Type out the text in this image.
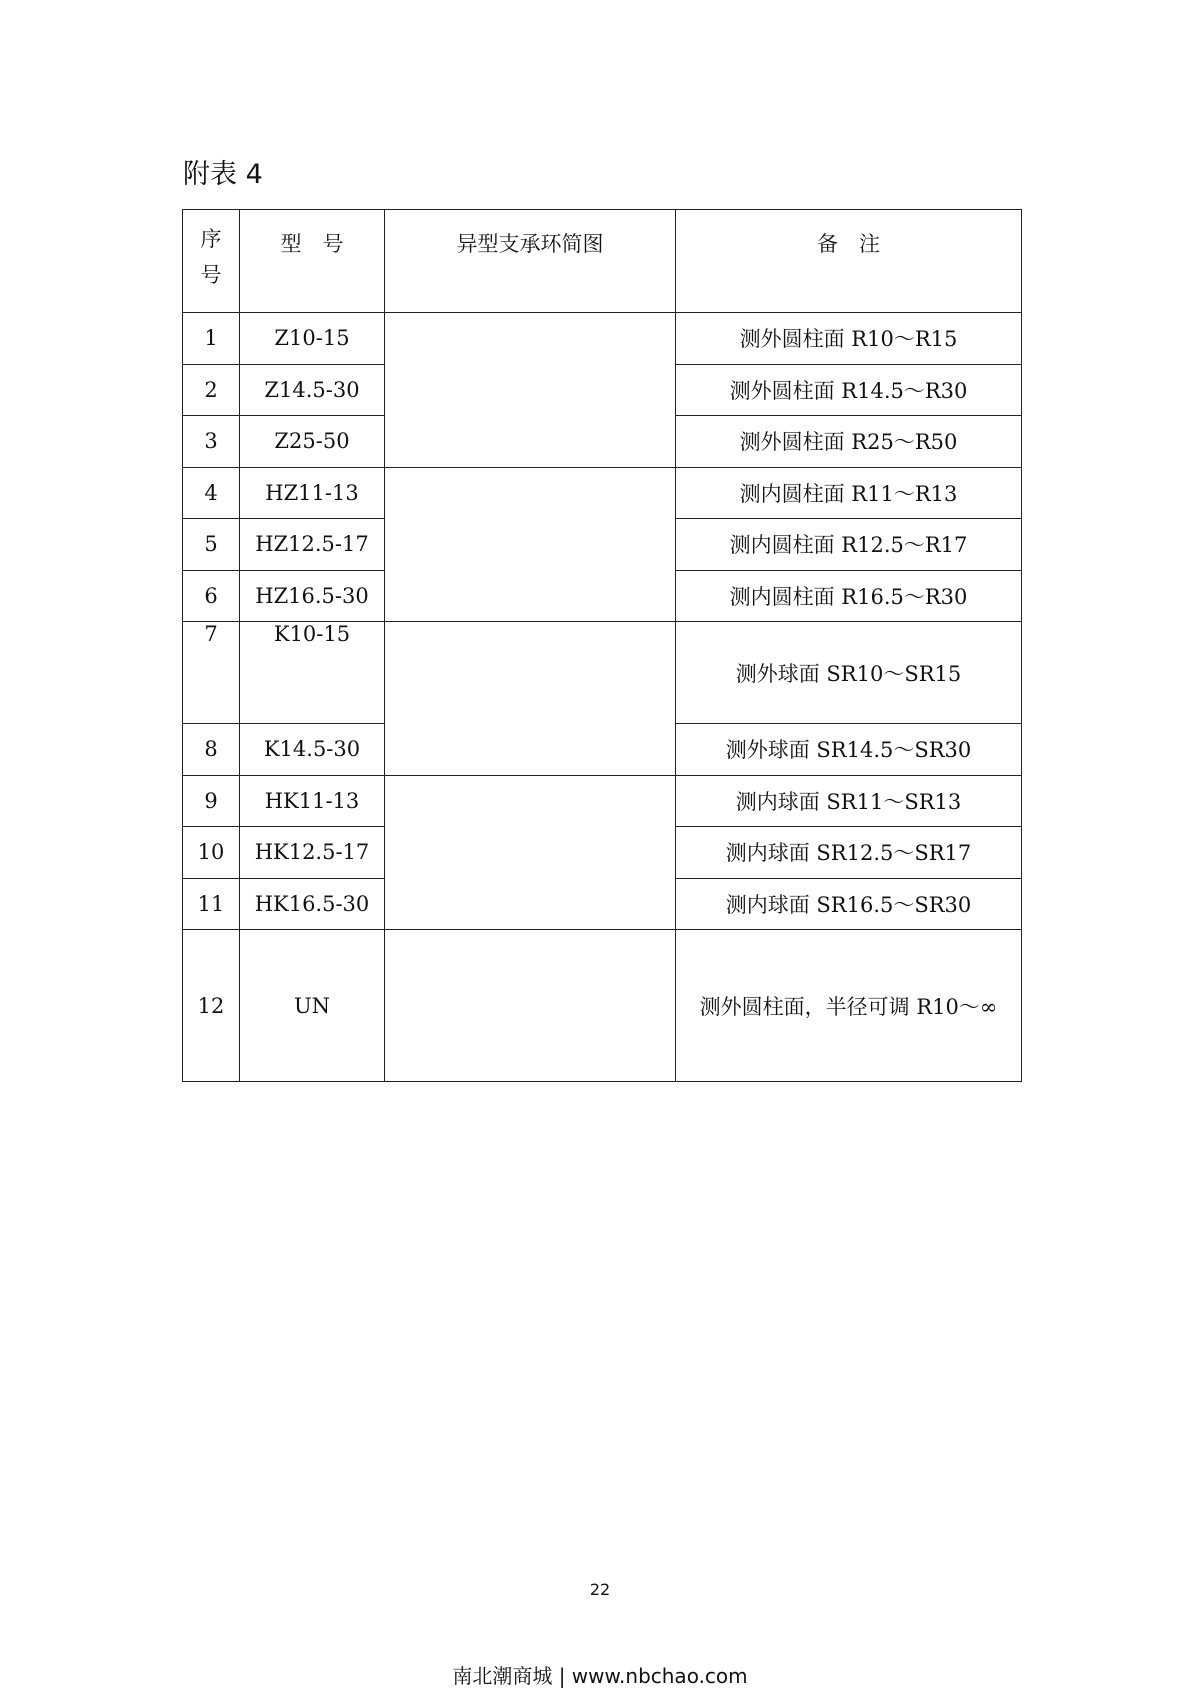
附表 4
序
号	型　号	异型支承环简图	备　注
1	Z10-15		测外圆柱面 R10～R15
2	Z14.5-30		测外圆柱面 R14.5～R30
3	Z25-50		测外圆柱面 R25～R50
4	HZ11-13		测内圆柱面 R11～R13
5	HZ12.5-17		测内圆柱面 R12.5～R17
6	HZ16.5-30		测内圆柱面 R16.5～R30
7	K10-15		测外球面 SR10～SR15
8	K14.5-30		测外球面 SR14.5～SR30
9	HK11-13		测内球面 SR11～SR13
10	HK12.5-17		测内球面 SR12.5～SR17
11	HK16.5-30		测内球面 SR16.5～SR30
12	UN		测外圆柱面，半径可调 R10～∞
22
南北潮商城 | www.nbchao.com
